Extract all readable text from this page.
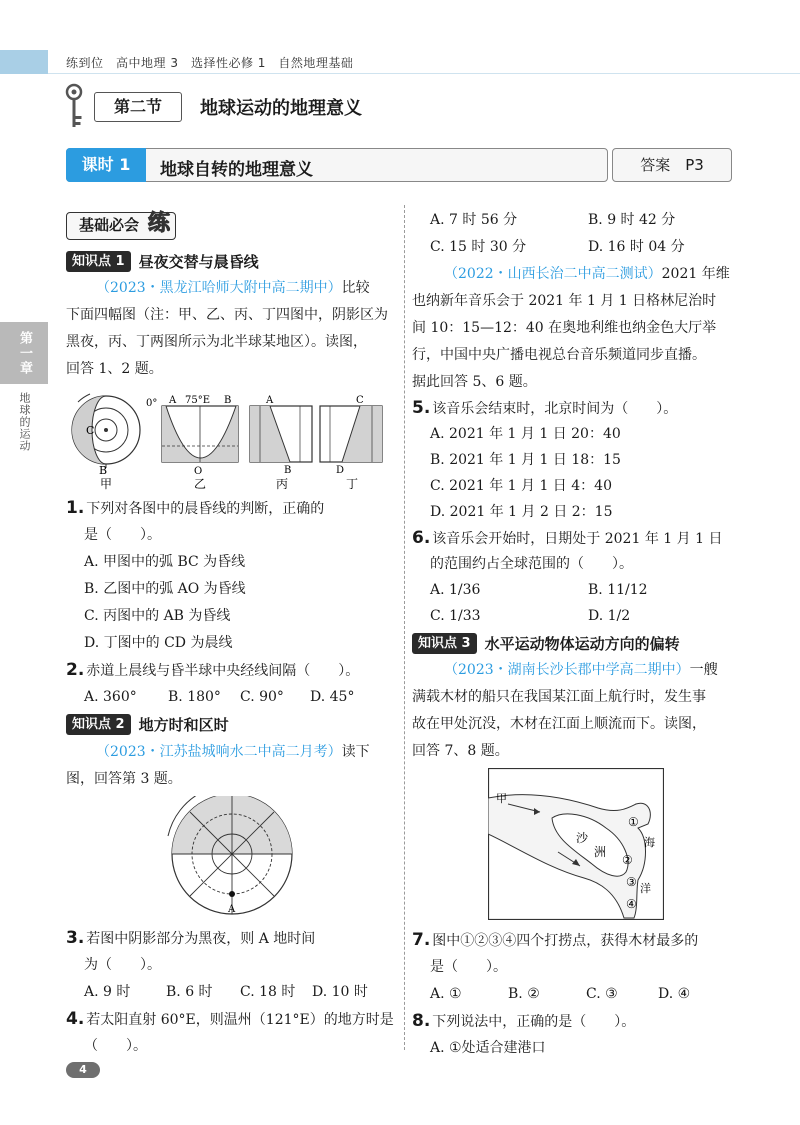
练到位　高中地理 3　选择性必修 1　自然地理基础
第二节	地球运动的地理意义
课时 1	地球自转的地理意义	答案　P3
第一章
地球的运动
基础必会 练
知识点 1 昼夜交替与晨昏线
（2023・黑龙江哈师大附中高二期中）比较
下面四幅图（注：甲、乙、丙、丁四图中，阴影区为
黑夜，丙、丁两图所示为北半球某地区）。读图，
回答 1、2 题。
B
C
甲
0° A 75°E B
O
乙
A
B
丙
C
D
丁
1. 下列对各图中的晨昏线的判断，正确的
是（　　）。
A. 甲图中的弧 BC 为昏线
B. 乙图中的弧 AO 为昏线
C. 丙图中的 AB 为昏线
D. 丁图中的 CD 为晨线
2. 赤道上晨线与昏半球中央经线间隔（　　）。
A. 360° B. 180° C. 90° D. 45°
知识点 2 地方时和区时
（2023・江苏盐城响水二中高二月考）读下
图，回答第 3 题。
A
3. 若图中阴影部分为黑夜，则 A 地时间
为（　　）。
A. 9 时	B. 6 时 C. 18 时 D. 10 时
4. 若太阳直射 60°E，则温州（121°E）的地方时是
（　　）。
A. 7 时 56 分	B. 9 时 42 分
C. 15 时 30 分	D. 16 时 04 分
（2022・山西长治二中高二测试）2021 年维
也纳新年音乐会于 2021 年 1 月 1 日格林尼治时
间 10：15—12：40 在奥地利维也纳金色大厅举
行，中国中央广播电视总台音乐频道同步直播。
据此回答 5、6 题。
5. 该音乐会结束时，北京时间为（　　）。
A. 2021 年 1 月 1 日 20：40
B. 2021 年 1 月 1 日 18：15
C. 2021 年 1 月 1 日 4：40
D. 2021 年 1 月 2 日 2：15
6. 该音乐会开始时，日期处于 2021 年 1 月 1 日
的范围约占全球范围的（　　）。
A. 1/36	B. 11/12
C. 1/33	D. 1/2
知识点 3 水平运动物体运动方向的偏转
（2023・湖南长沙长郡中学高二期中）一艘
满载木材的船只在我国某江面上航行时，发生事
故在甲处沉没，木材在江面上顺流而下。读图，
回答 7、8 题。
甲
沙
洲
海
洋
①
②
③
④
7. 图中①②③④四个打捞点，获得木材最多的
是（　　）。
A. ①	B. ②	C. ③	D. ④
8. 下列说法中，正确的是（　　）。
A. ①处适合建港口
4
